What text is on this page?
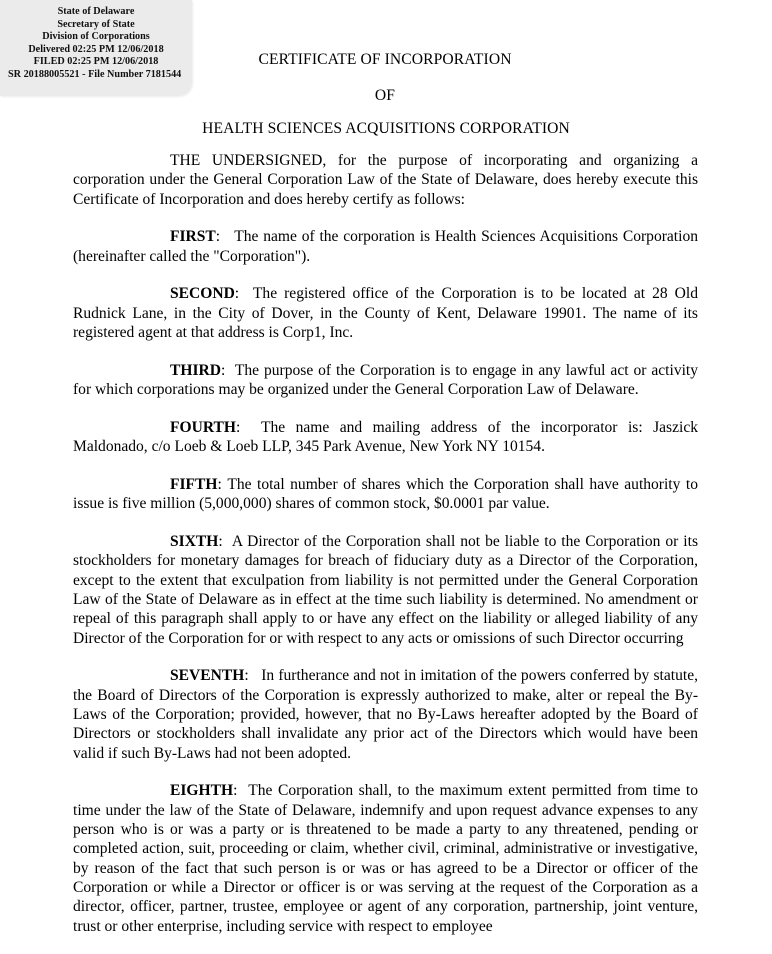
State of Delaware
Secretary of State
Division of Corporations
Delivered 02:25 PM 12/06/2018
FILED 02:25 PM 12/06/2018
SR 20188005521 - File Number 7181544
CERTIFICATE OF INCORPORATION
OF
HEALTH SCIENCES ACQUISITIONS CORPORATION

THE UNDERSIGNED, for the purpose of incorporating and organizing a corporation under the General Corporation Law of the State of Delaware, does hereby execute this Certificate of Incorporation and does hereby certify as follows:

FIRST:   The name of the corporation is Health Sciences Acquisitions Corporation (hereinafter called the "Corporation").

SECOND:  The registered office of the Corporation is to be located at 28 Old Rudnick Lane, in the City of Dover, in the County of Kent, Delaware 19901. The name of its registered agent at that address is Corp1, Inc.

THIRD:  The purpose of the Corporation is to engage in any lawful act or activity for which corporations may be organized under the General Corporation Law of Delaware.

FOURTH:  The name and mailing address of the incorporator is: Jaszick Maldonado, c/o Loeb & Loeb LLP, 345 Park Avenue, New York NY 10154.

FIFTH: The total number of shares which the Corporation shall have authority to issue is five million (5,000,000) shares of common stock, $0.0001 par value.

SIXTH:  A Director of the Corporation shall not be liable to the Corporation or its stockholders for monetary damages for breach of fiduciary duty as a Director of the Corporation, except to the extent that exculpation from liability is not permitted under the General Corporation Law of the State of Delaware as in effect at the time such liability is determined. No amendment or repeal of this paragraph shall apply to or have any effect on the liability or alleged liability of any Director of the Corporation for or with respect to any acts or omissions of such Director occurring

SEVENTH:   In furtherance and not in imitation of the powers conferred by statute, the Board of Directors of the Corporation is expressly authorized to make, alter or repeal the By-Laws of the Corporation; provided, however, that no By-Laws hereafter adopted by the Board of Directors or stockholders shall invalidate any prior act of the Directors which would have been valid if such By-Laws had not been adopted.

EIGHTH:  The Corporation shall, to the maximum extent permitted from time to time under the law of the State of Delaware, indemnify and upon request advance expenses to any person who is or was a party or is threatened to be made a party to any threatened, pending or completed action, suit, proceeding or claim, whether civil, criminal, administrative or investigative, by reason of the fact that such person is or was or has agreed to be a Director or officer of the Corporation or while a Director or officer is or was serving at the request of the Corporation as a director, officer, partner, trustee, employee or agent of any corporation, partnership, joint venture, trust or other enterprise, including service with respect to employee
